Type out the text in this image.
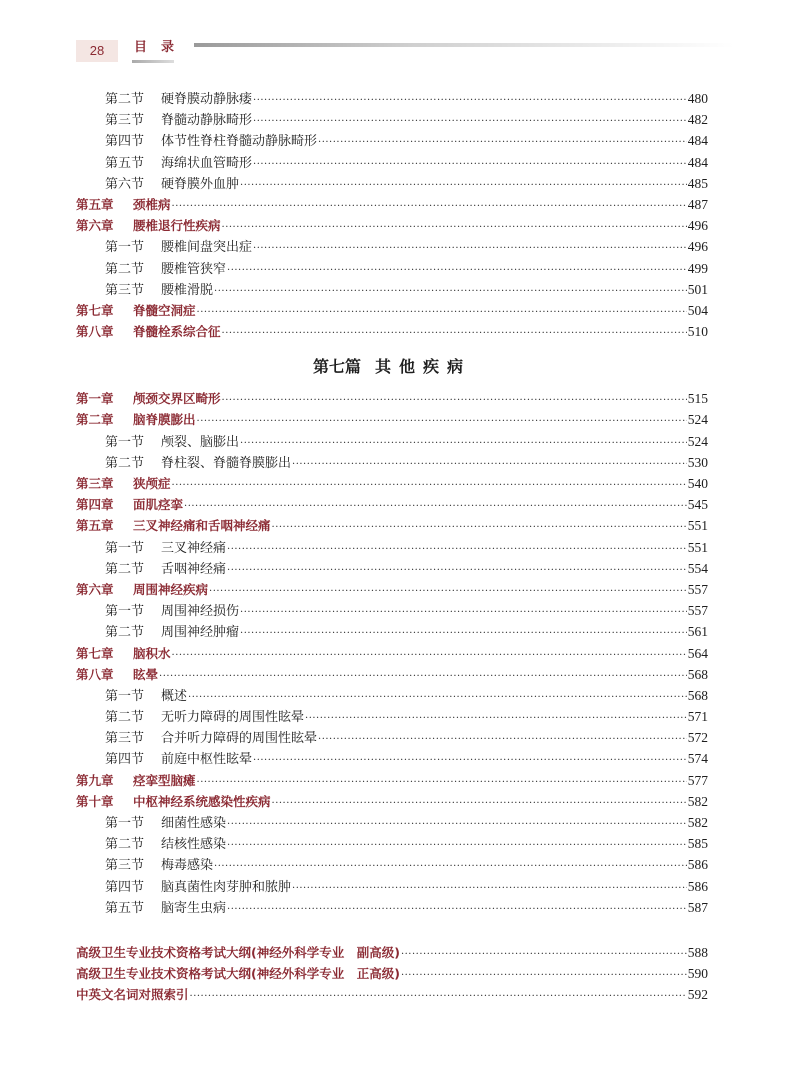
28	目录
第二节	硬脊膜动静脉瘘 ·····	480
第三节	脊髓动静脉畸形 ·····	482
第四节	体节性脊柱脊髓动静脉畸形 ·····	484
第五节	海绵状血管畸形 ·····	484
第六节	硬脊膜外血肿 ·····	485
第五章	颈椎病 ·····	487
第六章	腰椎退行性疾病 ·····	496
第一节	腰椎间盘突出症 ·····	496
第二节	腰椎管狭窄 ·····	499
第三节	腰椎滑脱 ·····	501
第七章	脊髓空洞症 ·····	504
第八章	脊髓栓系综合征 ·····	510
第七篇 其他疾病
第一章	颅颈交界区畸形 ·····	515
第二章	脑脊膜膨出 ·····	524
第一节	颅裂、脑膨出 ·····	524
第二节	脊柱裂、脊髓脊膜膨出 ·····	530
第三章	狭颅症 ·····	540
第四章	面肌痉挛 ·····	545
第五章	三叉神经痛和舌咽神经痛 ·····	551
第一节	三叉神经痛 ·····	551
第二节	舌咽神经痛 ·····	554
第六章	周围神经疾病 ·····	557
第一节	周围神经损伤 ·····	557
第二节	周围神经肿瘤 ·····	561
第七章	脑积水 ·····	564
第八章	眩晕 ·····	568
第一节	概述 ·····	568
第二节	无听力障碍的周围性眩晕 ·····	571
第三节	合并听力障碍的周围性眩晕 ·····	572
第四节	前庭中枢性眩晕 ·····	574
第九章	痉挛型脑瘫 ·····	577
第十章	中枢神经系统感染性疾病 ·····	582
第一节	细菌性感染 ·····	582
第二节	结核性感染 ·····	585
第三节	梅毒感染 ·····	586
第四节	脑真菌性肉芽肿和脓肿 ·····	586
第五节	脑寄生虫病 ·····	587
高级卫生专业技术资格考试大纲(神经外科学专业　副高级) ·····	588
高级卫生专业技术资格考试大纲(神经外科学专业　正高级) ·····	590
中英文名词对照索引 ·····	592
